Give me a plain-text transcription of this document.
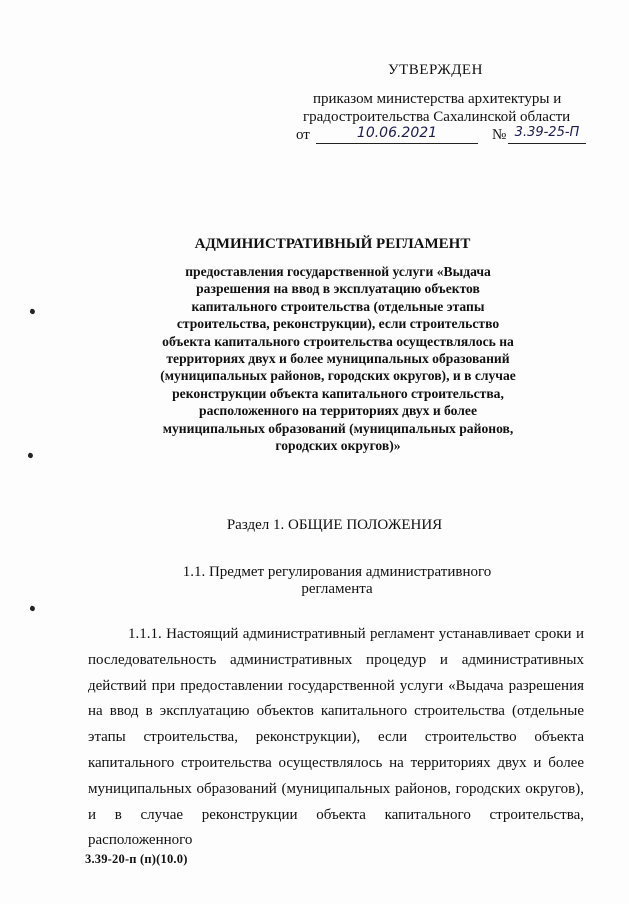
УТВЕРЖДЕН
приказом министерства архитектуры и
градостроительства Сахалинской области
от	10.06.2021	№ 3.39-25-П
АДМИНИСТРАТИВНЫЙ РЕГЛАМЕНТ
предоставления государственной услуги «Выдача разрешения на ввод в эксплуатацию объектов капитального строительства (отдельные этапы строительства, реконструкции), если строительство объекта капитального строительства осуществлялось на территориях двух и более муниципальных образований (муниципальных районов, городских округов), и в случае реконструкции объекта капитального строительства, расположенного на территориях двух и более муниципальных образований (муниципальных районов, городских округов)»
Раздел 1. ОБЩИЕ ПОЛОЖЕНИЯ
1.1. Предмет регулирования административного регламента

1.1.1. Настоящий административный регламент устанавливает сроки и последовательность административных процедур и административных действий при предоставлении государственной услуги «Выдача разрешения на ввод в эксплуатацию объектов капитального строительства (отдельные этапы строительства, реконструкции), если строительство объекта капитального строительства осуществлялось на территориях двух и более муниципальных образований (муниципальных районов, городских округов), и в случае реконструкции объекта капитального строительства, расположенного

3.39-20-п (п)(10.0)
